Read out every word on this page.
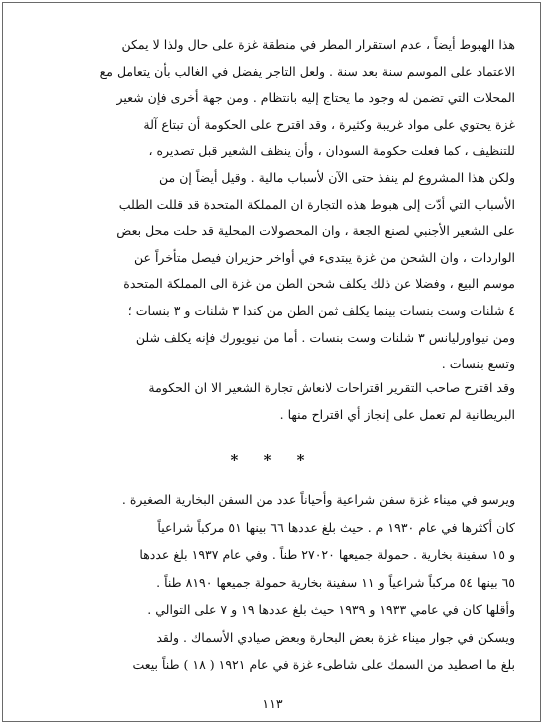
هذا الهبوط أيضاً ، عدم استقرار المطر في منطقة غزة على حال ولذا لا يمكن
الاعتماد على الموسم سنة بعد سنة . ولعل التاجر يفضل في الغالب بأن يتعامل مع
المحلات التي تضمن له وجود ما يحتاج إليه بانتظام . ومن جهة أخرى فإن شعير
غزة يحتوي على مواد غريبة وكثيرة ، وقد اقترح على الحكومة أن تبتاع آلة
للتنظيف ، كما فعلت حكومة السودان ، وأن ينظف الشعير قبل تصديره ،
ولكن هذا المشروع لم ينفذ حتى الآن لأسباب مالية . وقيل أيضاً إن من
الأسباب التي أدّت إلى هبوط هذه التجارة ان المملكة المتحدة قد قللت الطلب
على الشعير الأجنبي لصنع الجعة ، وان المحصولات المحلية قد حلت محل بعض
الواردات ، وان الشحن من غزة يبتدىء في أواخر حزيران فيصل متأخراً عن
موسم البيع ، وفضلا عن ذلك يكلف شحن الطن من غزة الى المملكة المتحدة
٤ شلنات وست بنسات بينما يكلف ثمن الطن من كندا ٣ شلنات و ٣ بنسات ؛
ومن نيواورليانس ٣ شلنات وست بنسات . أما من نيويورك فإنه يكلف شلن
وتسع بنسات .
وقد اقترح صاحب التقرير اقتراحات لانعاش تجارة الشعير الا ان الحكومة
البريطانية لم تعمل على إنجاز أي اقتراح منها .
* * *
ويرسو في ميناء غزة سفن شراعية وأحياناً عدد من السفن البخارية الصغيرة .
كان أكثرها في عام ١٩٣٠ م . حيث بلغ عددها ٦٦ بينها ٥١ مركباً شراعياً
و ١٥ سفينة بخارية . حمولة جميعها ٢٧٠٢٠ طناً . وفي عام ١٩٣٧ بلغ عددها
٦٥ بينها ٥٤ مركباً شراعياً و ١١ سفينة بخارية حمولة جميعها ٨١٩٠ طناً .
وأقلها كان في عامي ١٩٣٣ و ١٩٣٩ حيث بلغ عددها ١٩ و ٧ على التوالي .
ويسكن في جوار ميناء غزة بعض البحارة وبعض صيادي الأسماك . ولقد
بلغ ما اصطيد من السمك على شاطىء غزة في عام ١٩٢١ ( ١٨ ) طناً بيعت
١١٣
